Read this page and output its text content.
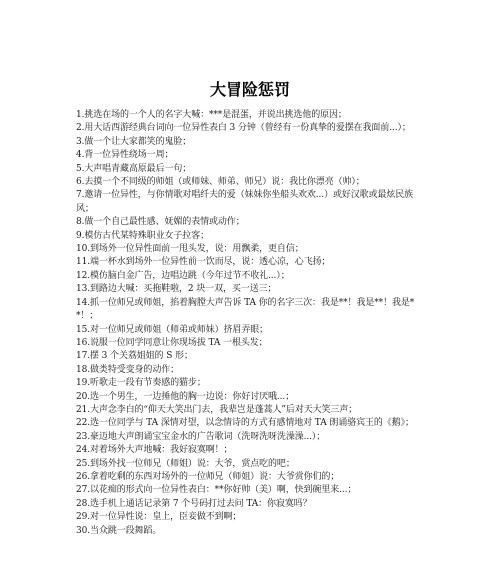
大冒险惩罚
1.挑选在场的一个人的名字大喊：***是混蛋，并说出挑选他的原因；
2.用大话西游经典台词向一位异性表白 3 分钟（曾经有一份真挚的爱摆在我面前...）；
3.做一个让大家都笑的鬼脸；
4.背一位异性绕场一周；
5.大声唱青藏高原最后一句；
6.去摸一个不同级的师姐（或师妹、师弟、师兄）说：我比你漂亮（帅）；
7.邀请一位异性，与你情歌对唱纤夫的爱（妹妹你坐船头欢欢...）或好汉歌或最炫民族风；
8.做一个自己最性感、妩媚的表情或动作；
9.模仿古代某特殊职业女子拉客；
10.到场外一位异性面前一甩头发，说：用飘柔，更自信；
11.端一杯水到场外一位异性前一饮而尽，说：透心凉，心飞扬；
12.模仿脑白金广告，边唱边跳（今年过节不收礼...）；
13.到路边大喊：买拖鞋啦，2 块一双，买一送三；
14.抓一位师兄或师姐，掐着胸膛大声告诉 TA 你的名字三次：我是**！我是**！我是**！；
15.对一位师兄或师姐（师弟或师妹）挤眉弄眼；
16.说服一位同学同意让你现场拔 TA 一根头发；
17.摆 3 个关荔姐姐的 S 形；
18.做类特受变身的动作；
19.听歌走一段有节奏感的猫步；
20.选一个男生，一边捶他的胸一边说：你好讨厌哦...；
21.大声念李白的“仰天大笑出门去，我辈岂是蓬蒿人”后对天大笑三声；
22.选一位同学与 TA 深情对望，以念情诗的方式有感情地对 TA 朗诵骆宾王的《鹅》；
23.豪迈地大声朗诵宝宝金水的广告歌词（洗呀洗呀洗澡澡...）；
24.对着场外大声地喊：我好寂寞啊！；
25.到场外找一位师兄（师姐）说：大爷，赏点吃的吧；
26.拿着吃剩的东西对场外的一位师兄（师姐）说：大爷赏你们的；
27.以花痴的形式向一位异性表白：**你好帅（美）啊，快到碗里来...；
28.选手机上通话记录第 7 个号码打过去问 TA：你寂寞吗？
29.对一位异性说：皇上，臣妾做不到啊；
30.当众跳一段舞蹈。
